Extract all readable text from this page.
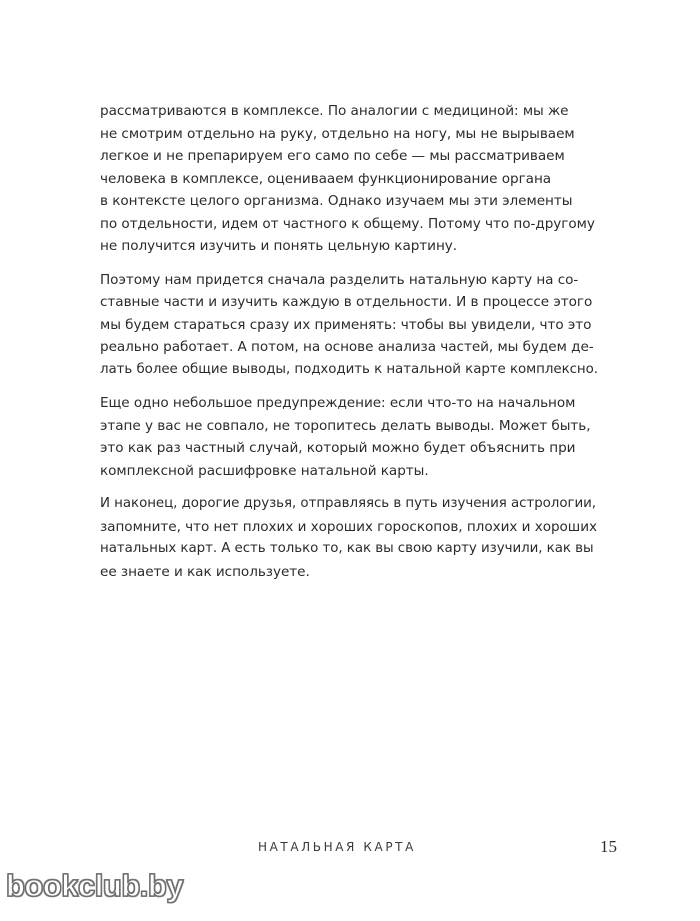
рассматриваются в комплексе. По аналогии с медициной: мы же
не смотрим отдельно на руку, отдельно на ногу, мы не вырываем
легкое и не препарируем его само по себе — мы рассматриваем
человека в комплексе, оценивааем функционирование органа
в контексте целого организма. Однако изучаем мы эти элементы
по отдельности, идем от частного к общему. Потому что по-другому
не получится изучить и понять цельную картину.

Поэтому нам придется сначала разделить натальную карту на со-
ставные части и изучить каждую в отдельности. И в процессе этого
мы будем стараться сразу их применять: чтобы вы увидели, что это
реально работает. А потом, на основе анализа частей, мы будем де-
лать более общие выводы, подходить к натальной карте комплексно.

Еще одно небольшое предупреждение: если что-то на начальном
этапе у вас не совпало, не торопитесь делать выводы. Может быть,
это как раз частный случай, который можно будет объяснить при
комплексной расшифровке натальной карты.

И наконец, дорогие друзья, отправляясь в путь изучения астрологии,
запомните, что нет плохих и хороших гороскопов, плохих и хороших
натальных карт. А есть только то, как вы свою карту изучили, как вы
ее знаете и как используете.

НАТАЛЬНАЯ КАРТА	15
bookclub.by
